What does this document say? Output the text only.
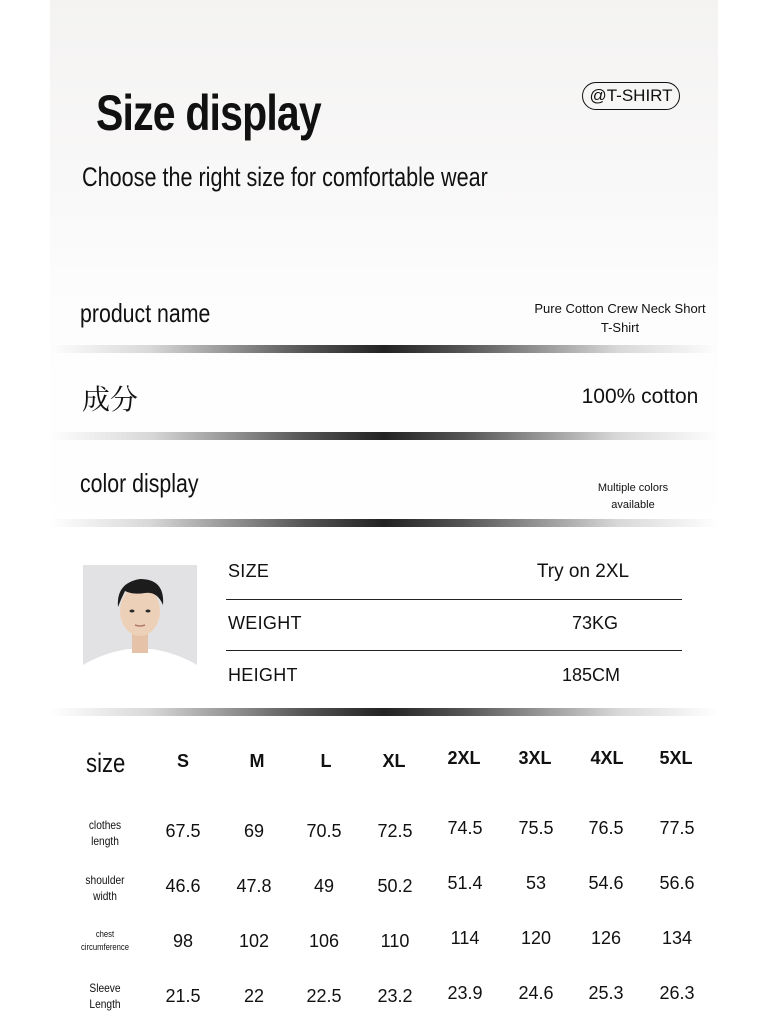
Size display
Choose the right size for comfortable wear
@T-SHIRT
product name	Pure Cotton Crew Neck Short
T-Shirt
成分	100% cotton
color display	Multiple colors
available
SIZE	Try on 2XL
WEIGHT	73KG
HEIGHT	185CM
size	S	M	L	XL	2XL	3XL	4XL	5XL
clothes
length	67.5	69	70.5	72.5	74.5	75.5	76.5	77.5
shoulder
width	46.6	47.8	49	50.2	51.4	53	54.6	56.6
chest
circumference	98	102	106	110	114	120	126	134
Sleeve
Length	21.5	22	22.5	23.2	23.9	24.6	25.3	26.3
